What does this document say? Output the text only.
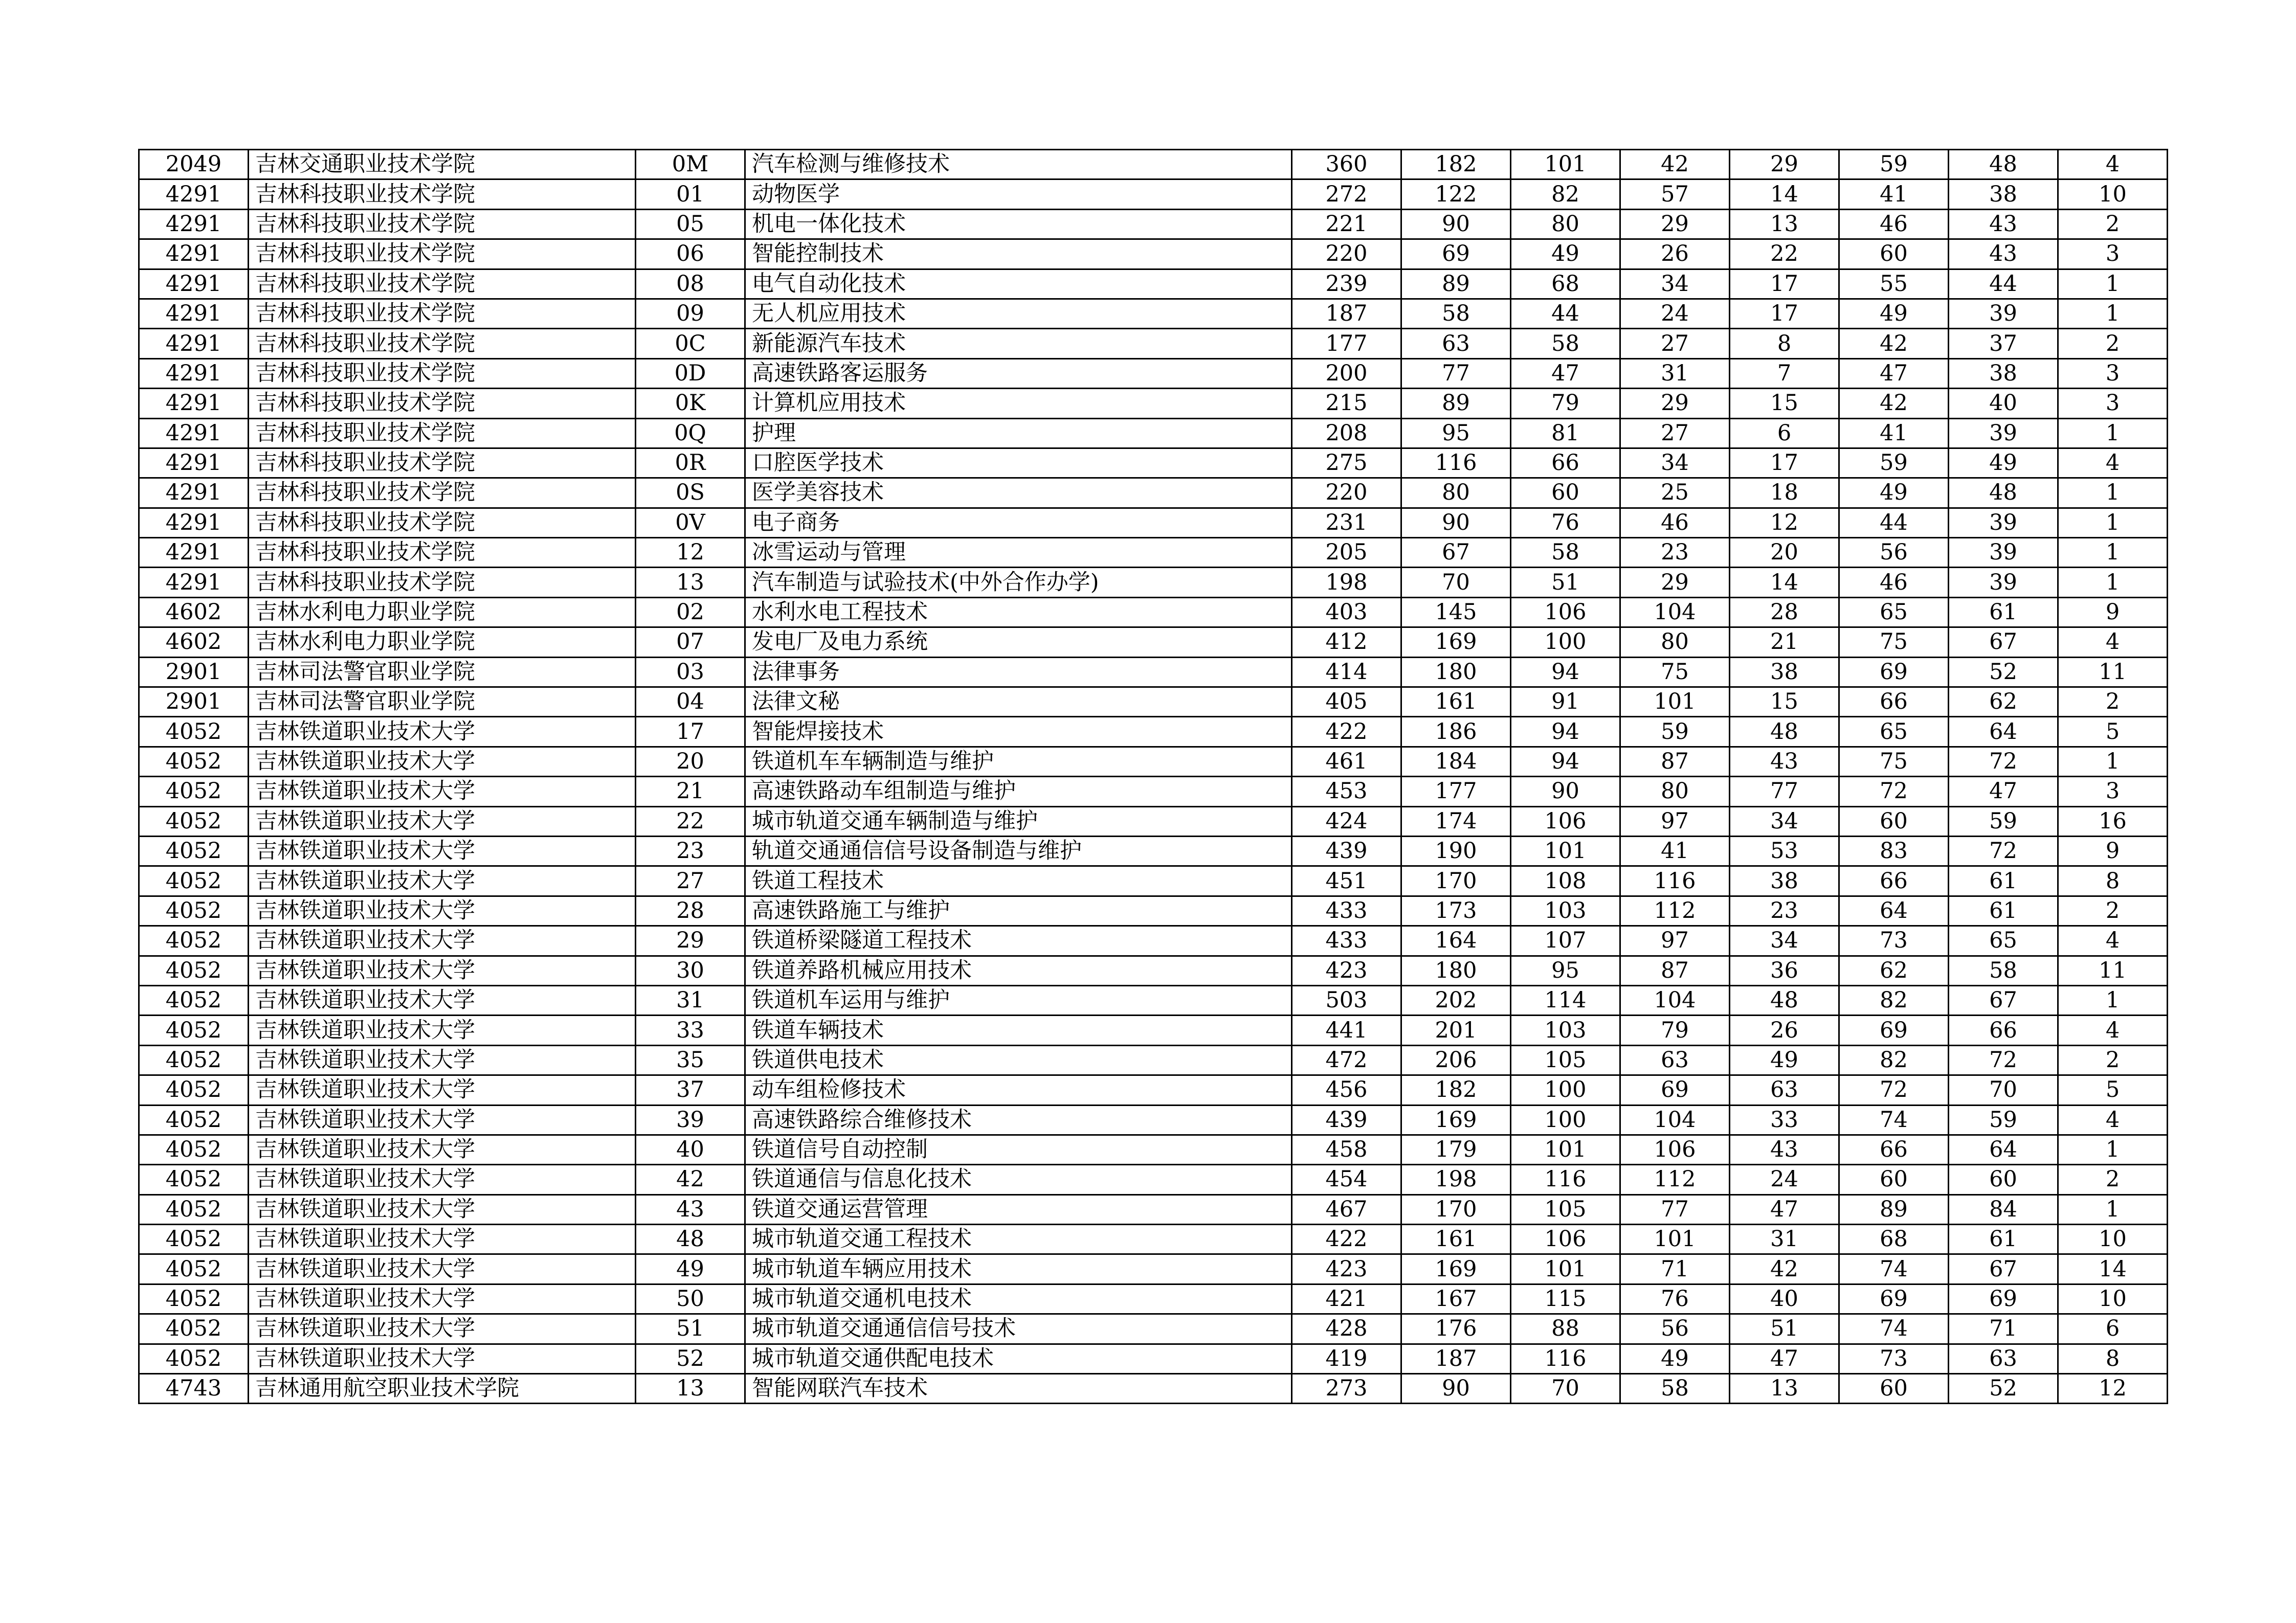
2049	吉林交通职业技术学院	0M	汽车检测与维修技术	360	182	101	42	29	59	48	4
4291	吉林科技职业技术学院	01	动物医学	272	122	82	57	14	41	38	10
4291	吉林科技职业技术学院	05	机电一体化技术	221	90	80	29	13	46	43	2
4291	吉林科技职业技术学院	06	智能控制技术	220	69	49	26	22	60	43	3
4291	吉林科技职业技术学院	08	电气自动化技术	239	89	68	34	17	55	44	1
4291	吉林科技职业技术学院	09	无人机应用技术	187	58	44	24	17	49	39	1
4291	吉林科技职业技术学院	0C	新能源汽车技术	177	63	58	27	8	42	37	2
4291	吉林科技职业技术学院	0D	高速铁路客运服务	200	77	47	31	7	47	38	3
4291	吉林科技职业技术学院	0K	计算机应用技术	215	89	79	29	15	42	40	3
4291	吉林科技职业技术学院	0Q	护理	208	95	81	27	6	41	39	1
4291	吉林科技职业技术学院	0R	口腔医学技术	275	116	66	34	17	59	49	4
4291	吉林科技职业技术学院	0S	医学美容技术	220	80	60	25	18	49	48	1
4291	吉林科技职业技术学院	0V	电子商务	231	90	76	46	12	44	39	1
4291	吉林科技职业技术学院	12	冰雪运动与管理	205	67	58	23	20	56	39	1
4291	吉林科技职业技术学院	13	汽车制造与试验技术(中外合作办学)	198	70	51	29	14	46	39	1
4602	吉林水利电力职业学院	02	水利水电工程技术	403	145	106	104	28	65	61	9
4602	吉林水利电力职业学院	07	发电厂及电力系统	412	169	100	80	21	75	67	4
2901	吉林司法警官职业学院	03	法律事务	414	180	94	75	38	69	52	11
2901	吉林司法警官职业学院	04	法律文秘	405	161	91	101	15	66	62	2
4052	吉林铁道职业技术大学	17	智能焊接技术	422	186	94	59	48	65	64	5
4052	吉林铁道职业技术大学	20	铁道机车车辆制造与维护	461	184	94	87	43	75	72	1
4052	吉林铁道职业技术大学	21	高速铁路动车组制造与维护	453	177	90	80	77	72	47	3
4052	吉林铁道职业技术大学	22	城市轨道交通车辆制造与维护	424	174	106	97	34	60	59	16
4052	吉林铁道职业技术大学	23	轨道交通通信信号设备制造与维护	439	190	101	41	53	83	72	9
4052	吉林铁道职业技术大学	27	铁道工程技术	451	170	108	116	38	66	61	8
4052	吉林铁道职业技术大学	28	高速铁路施工与维护	433	173	103	112	23	64	61	2
4052	吉林铁道职业技术大学	29	铁道桥梁隧道工程技术	433	164	107	97	34	73	65	4
4052	吉林铁道职业技术大学	30	铁道养路机械应用技术	423	180	95	87	36	62	58	11
4052	吉林铁道职业技术大学	31	铁道机车运用与维护	503	202	114	104	48	82	67	1
4052	吉林铁道职业技术大学	33	铁道车辆技术	441	201	103	79	26	69	66	4
4052	吉林铁道职业技术大学	35	铁道供电技术	472	206	105	63	49	82	72	2
4052	吉林铁道职业技术大学	37	动车组检修技术	456	182	100	69	63	72	70	5
4052	吉林铁道职业技术大学	39	高速铁路综合维修技术	439	169	100	104	33	74	59	4
4052	吉林铁道职业技术大学	40	铁道信号自动控制	458	179	101	106	43	66	64	1
4052	吉林铁道职业技术大学	42	铁道通信与信息化技术	454	198	116	112	24	60	60	2
4052	吉林铁道职业技术大学	43	铁道交通运营管理	467	170	105	77	47	89	84	1
4052	吉林铁道职业技术大学	48	城市轨道交通工程技术	422	161	106	101	31	68	61	10
4052	吉林铁道职业技术大学	49	城市轨道车辆应用技术	423	169	101	71	42	74	67	14
4052	吉林铁道职业技术大学	50	城市轨道交通机电技术	421	167	115	76	40	69	69	10
4052	吉林铁道职业技术大学	51	城市轨道交通通信信号技术	428	176	88	56	51	74	71	6
4052	吉林铁道职业技术大学	52	城市轨道交通供配电技术	419	187	116	49	47	73	63	8
4743	吉林通用航空职业技术学院	13	智能网联汽车技术	273	90	70	58	13	60	52	12
